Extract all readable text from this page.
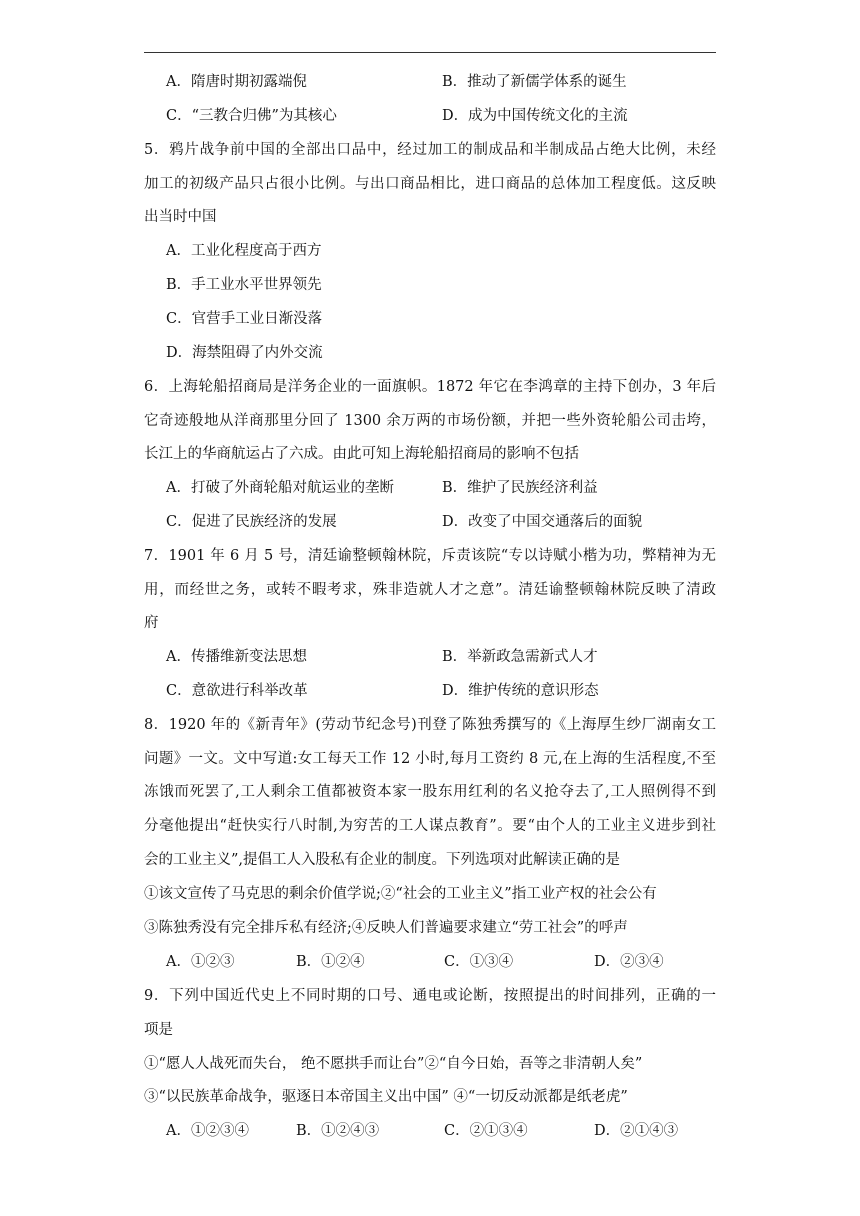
A．隋唐时期初露端倪	B．推动了新儒学体系的诞生
C．“三教合归佛”为其核心	D．成为中国传统文化的主流
5．鸦片战争前中国的全部出口品中，经过加工的制成品和半制成品占绝大比例，未经
加工的初级产品只占很小比例。与出口商品相比，进口商品的总体加工程度低。这反映
出当时中国
A．工业化程度高于西方
B．手工业水平世界领先
C．官营手工业日渐没落
D．海禁阻碍了内外交流
6．上海轮船招商局是洋务企业的一面旗帜。1872 年它在李鸿章的主持下创办，3 年后
它奇迹般地从洋商那里分回了 1300 余万两的市场份额，并把一些外资轮船公司击垮，
长江上的华商航运占了六成。由此可知上海轮船招商局的影响不包括
A．打破了外商轮船对航运业的垄断	B．维护了民族经济利益
C．促进了民族经济的发展	D．改变了中国交通落后的面貌
7．1901 年 6 月 5 号，清廷谕整顿翰林院，斥责该院“专以诗赋小楷为功，弊精神为无
用，而经世之务，或转不暇考求，殊非造就人才之意”。清廷谕整顿翰林院反映了清政
府
A．传播维新变法思想	B．举新政急需新式人才
C．意欲进行科举改革	D．维护传统的意识形态
8．1920 年的《新青年》(劳动节纪念号)刊登了陈独秀撰写的《上海厚生纱厂湖南女工
问题》一文。文中写道:女工每天工作 12 小时,每月工资约 8 元,在上海的生活程度,不至
冻饿而死罢了,工人剩余工值都被资本家一股东用红利的名义抢夺去了,工人照例得不到
分毫他提出“赶快实行八时制,为穷苦的工人谋点教育”。要“由个人的工业主义进步到社
会的工业主义”,提倡工人入股私有企业的制度。下列选项对此解读正确的是
①该文宣传了马克思的剩余价值学说;②“社会的工业主义”指工业产权的社会公有
③陈独秀没有完全排斥私有经济;④反映人们普遍要求建立“劳工社会”的呼声
A．①②③	B．①②④	C．①③④	D．②③④
9．下列中国近代史上不同时期的口号、通电或论断，按照提出的时间排列，正确的一
项是
①“愿人人战死而失台， 绝不愿拱手而让台”②“自今日始，吾等之非清朝人矣”
③“以民族革命战争，驱逐日本帝国主义出中国” ④“一切反动派都是纸老虎”
A．①②③④	B．①②④③	C．②①③④	D．②①④③
